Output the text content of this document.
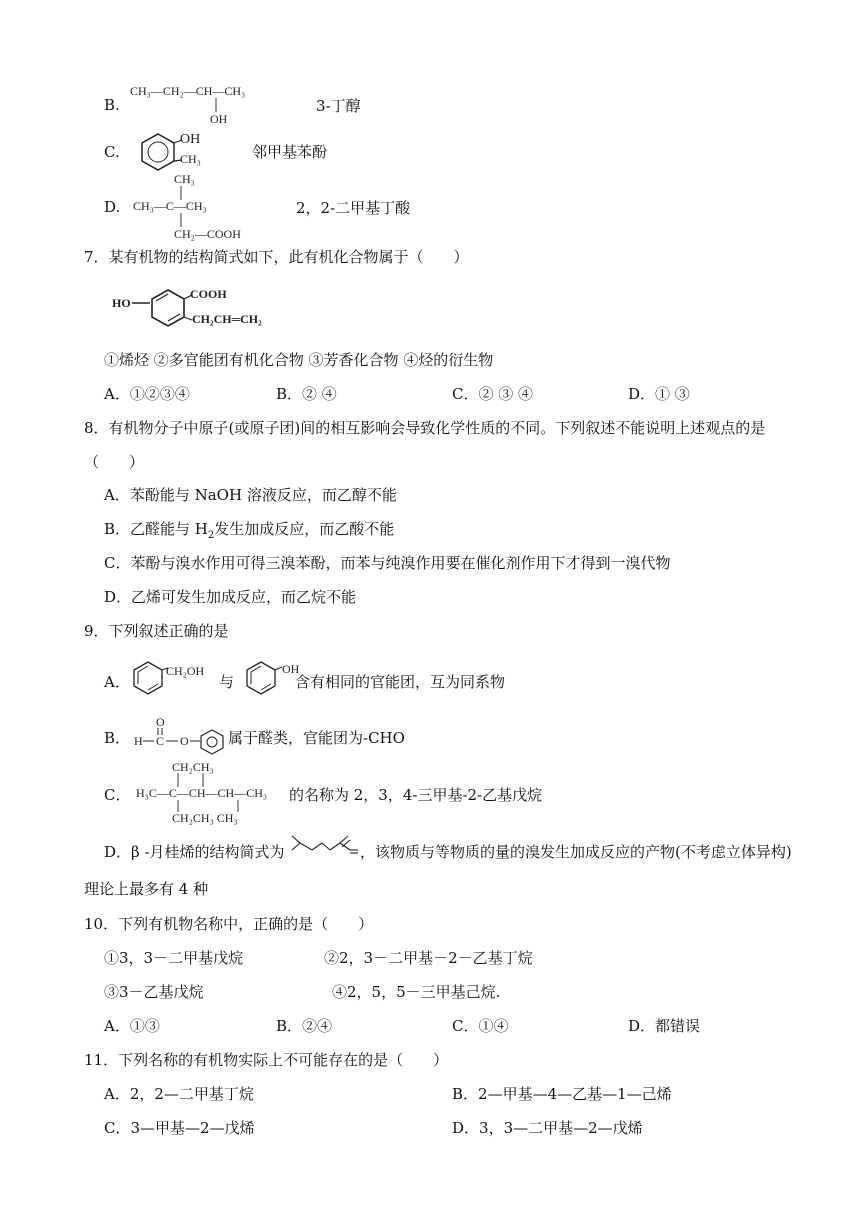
B.
CH₃—CH₂—CH—CH₃
OH
3-丁醇
C.
OH
CH₃	邻甲基苯酚
D.
CH₃
CH₃—C—CH₃
CH₂—COOH
2，2-二甲基丁酸
7．某有机物的结构简式如下，此有机化合物属于（　　）
HO
COOH
CH₂CH═CH₂
①烯烃 ②多官能团有机化合物 ③芳香化合物 ④烃的衍生物
A．①②③④	B．② ④	C．② ③ ④	D．① ③
8．有机物分子中原子(或原子团)间的相互影响会导致化学性质的不同。下列叙述不能说明上述观点的是
（　　）
A．苯酚能与 NaOH 溶液反应，而乙醇不能
B．乙醛能与 $H_2$发生加成反应，而乙酸不能
C．苯酚与溴水作用可得三溴苯酚，而苯与纯溴作用要在催化剂作用下才得到一溴代物
D．乙烯可发生加成反应，而乙烷不能
9．下列叙述正确的是
A．
CH₂OH
与
OH
含有相同的官能团，互为同系物
B． H C
O
O	属于醛类，官能团为-CHO
C．
CH₂CH₃
H₃C—C—CH—CH—CH₃
CH₂CH₃ CH₃
的名称为 2，3，4-三甲基-2-乙基戊烷
D．β -月桂烯的结构简式为	，该物质与等物质的量的溴发生加成反应的产物(不考虑立体异构)
理论上最多有 4 种
10．下列有机物名称中，正确的是（　　）
①3，3－二甲基戊烷	②2，3－二甲基－2－乙基丁烷
③3－乙基戊烷	④2，5，5－三甲基己烷.
A．①③	B．②④	C．①④	D．都错误
11．下列名称的有机物实际上不可能存在的是（　　）
A．2，2—二甲基丁烷	B．2—甲基—4—乙基—1—己烯
C．3—甲基—2—戊烯	D．3，3—二甲基—2—戊烯
